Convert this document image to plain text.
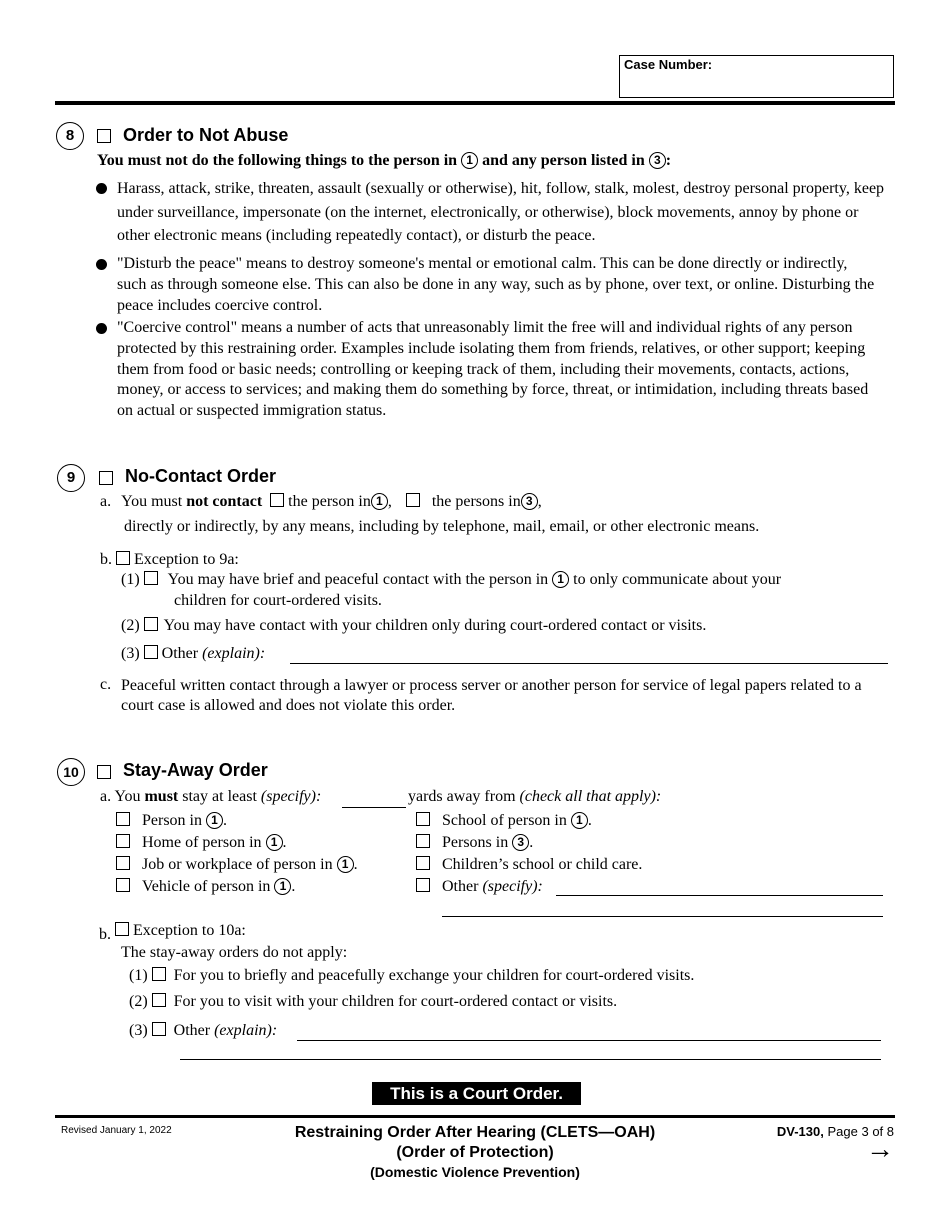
Case Number:
8	Order to Not Abuse
You must not do the following things to the person in 1 and any person listed in 3 :
Harass, attack, strike, threaten, assault (sexually or otherwise), hit, follow, stalk, molest, destroy personal property, keep under surveillance, impersonate (on the internet, electronically, or otherwise), block movements, annoy by phone or other electronic means (including repeatedly contact), or disturb the peace.
"Disturb the peace" means to destroy someone's mental or emotional calm. This can be done directly or indirectly, such as through someone else. This can also be done in any way, such as by phone, over text, or online. Disturbing the peace includes coercive control.
"Coercive control" means a number of acts that unreasonably limit the free will and individual rights of any person protected by this restraining order. Examples include isolating them from friends, relatives, or other support; keeping them from food or basic needs; controlling or keeping track of them, including their movements, contacts, actions, money, or access to services; and making them do something by force, threat, or intimidation, including threats based on actual or suspected immigration status.
9	No-Contact Order
a. You must not contact the person in 1 ,	the persons in 3 ,
directly or indirectly, by any means, including by telephone, mail, email, or other electronic means.
b. Exception to 9a:
(1) You may have brief and peaceful contact with the person in 1 to only communicate about your
children for court-ordered visits.
(2) You may have contact with your children only during court-ordered contact or visits.
(3) Other (explain):
c. Peaceful written contact through a lawyer or process server or another person for service of legal papers related to a court case is allowed and does not violate this order.
10	Stay-Away Order
a. You must stay at least (specify):	yards away from (check all that apply):
Person in 1 .
Home of person in 1 .
Job or workplace of person in 1 .
Vehicle of person in 1 .
School of person in 1 .
Persons in 3 .
Children’s school or child care.
Other (specify):
b. Exception to 10a:
The stay-away orders do not apply:
(1) For you to briefly and peacefully exchange your children for court-ordered visits.
(2) For you to visit with your children for court-ordered contact or visits.
(3) Other (explain):
This is a Court Order.
Revised January 1, 2022	Restraining Order After Hearing (CLETS—OAH)
(Order of Protection)
(Domestic Violence Prevention)
DV-130, Page 3 of 8
→
